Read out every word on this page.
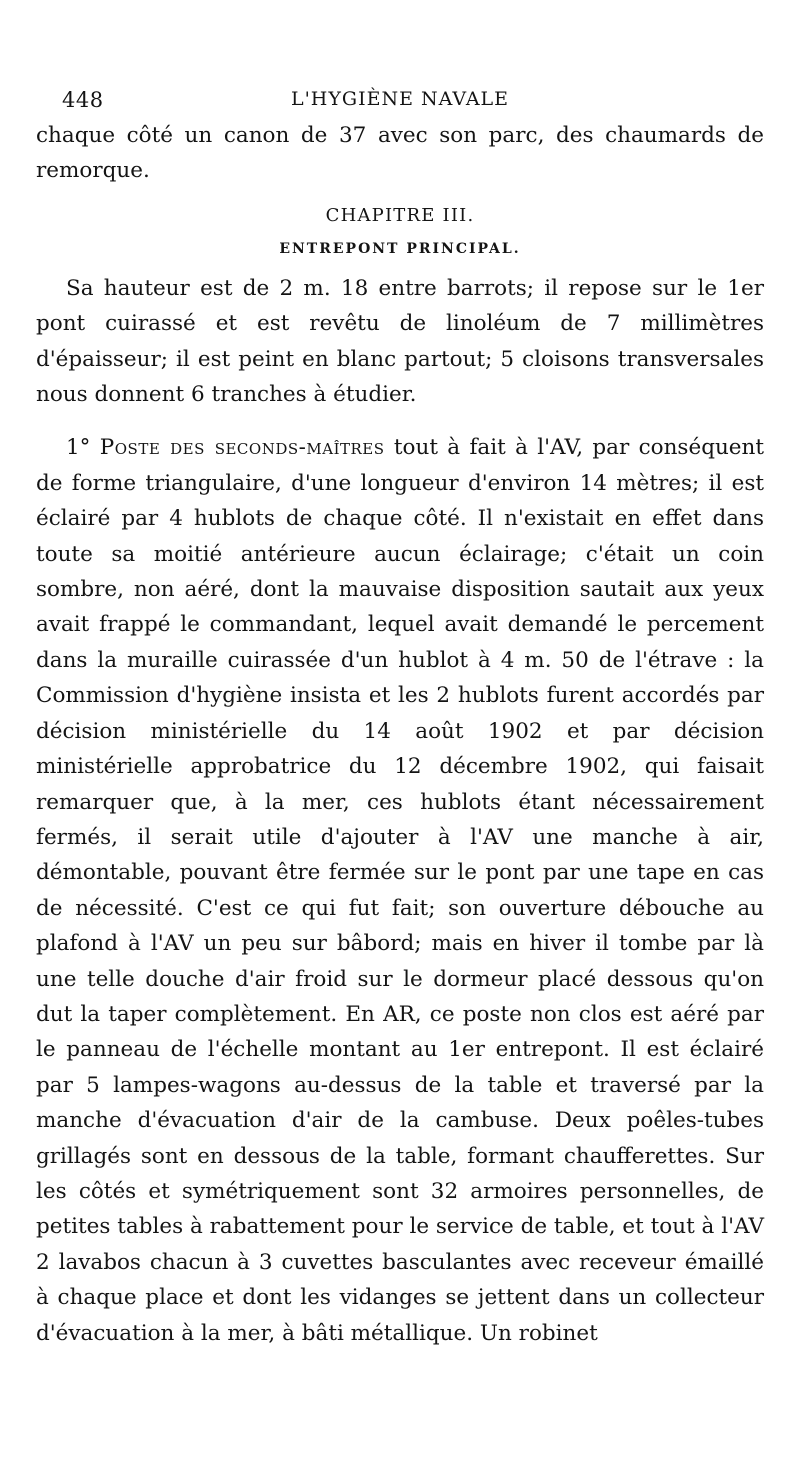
448	L'HYGIÈNE NAVALE

chaque côté un canon de 37 avec son parc, des chaumards de remorque.

CHAPITRE III.
ENTREPONT PRINCIPAL.

Sa hauteur est de 2 m. 18 entre barrots; il repose sur le 1er pont cuirassé et est revêtu de linoléum de 7 millimètres d'épaisseur; il est peint en blanc partout; 5 cloisons transversales nous donnent 6 tranches à étudier.

1° Poste des seconds-maîtres tout à fait à l'AV, par conséquent de forme triangulaire, d'une longueur d'environ 14 mètres; il est éclairé par 4 hublots de chaque côté. Il n'existait en effet dans toute sa moitié antérieure aucun éclairage; c'était un coin sombre, non aéré, dont la mauvaise disposition sautait aux yeux avait frappé le commandant, lequel avait demandé le percement dans la muraille cuirassée d'un hublot à 4 m. 50 de l'étrave : la Commission d'hygiène insista et les 2 hublots furent accordés par décision ministérielle du 14 août 1902 et par décision ministérielle approbatrice du 12 décembre 1902, qui faisait remarquer que, à la mer, ces hublots étant nécessairement fermés, il serait utile d'ajouter à l'AV une manche à air, démontable, pouvant être fermée sur le pont par une tape en cas de nécessité. C'est ce qui fut fait; son ouverture débouche au plafond à l'AV un peu sur bâbord; mais en hiver il tombe par là une telle douche d'air froid sur le dormeur placé dessous qu'on dut la taper complètement. En AR, ce poste non clos est aéré par le panneau de l'échelle montant au 1er entrepont. Il est éclairé par 5 lampes-wagons au-dessus de la table et traversé par la manche d'évacuation d'air de la cambuse. Deux poêles-tubes grillagés sont en dessous de la table, formant chaufferettes. Sur les côtés et symétriquement sont 32 armoires personnelles, de petites tables à rabattement pour le service de table, et tout à l'AV 2 lavabos chacun à 3 cuvettes basculantes avec receveur émaillé à chaque place et dont les vidanges se jettent dans un collecteur d'évacuation à la mer, à bâti métallique. Un robinet
